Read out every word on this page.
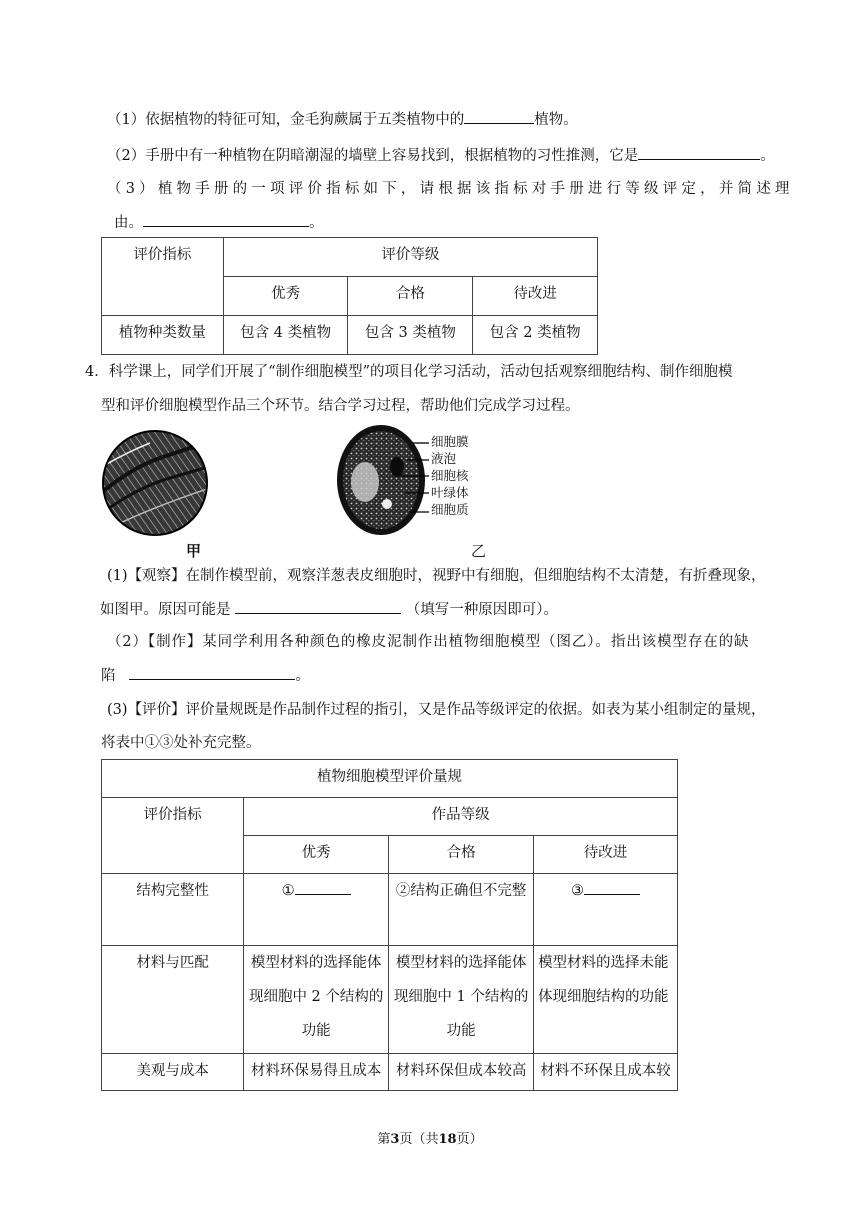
（1）依据植物的特征可知，金毛狗蕨属于五类植物中的	植物。
（2）手册中有一种植物在阴暗潮湿的墙壁上容易找到，根据植物的习性推测，它是	。
（3）植物手册的一项评价指标如下，请根据该指标对手册进行等级评定，并简述理
由。	。
评价指标	评价等级		
	优秀	合格	待改进
植物种类数量	包含 4 类植物	包含 3 类植物	包含 2 类植物
4．科学课上，同学们开展了“制作细胞模型”的项目化学习活动，活动包括观察细胞结构、制作细胞模
型和评价细胞模型作品三个环节。结合学习过程，帮助他们完成学习过程。
甲
细胞膜
液泡
细胞核
叶绿体
细胞质
乙
(1)【观察】在制作模型前，观察洋葱表皮细胞时，视野中有细胞，但细胞结构不太清楚，有折叠现象，
如图甲。原因可能是	（填写一种原因即可）。
（2）【制作】某同学利用各种颜色的橡皮泥制作出植物细胞模型（图乙）。指出该模型存在的缺
陷	。
(3)【评价】评价量规既是作品制作过程的指引，又是作品等级评定的依据。如表为某小组制定的量规，
将表中①③处补充完整。
植物细胞模型评价量规			
评价指标	作品等级		
	优秀	合格	待改进
结构完整性	①	②结构正确但不完整	③
材料与匹配	模型材料的选择能体现细胞中 2 个结构的功能	模型材料的选择能体现细胞中 1 个结构的功能	模型材料的选择未能体现细胞结构的功能
美观与成本	材料环保易得且成本	材料环保但成本较高	材料不环保且成本较
第3页（共18页）
